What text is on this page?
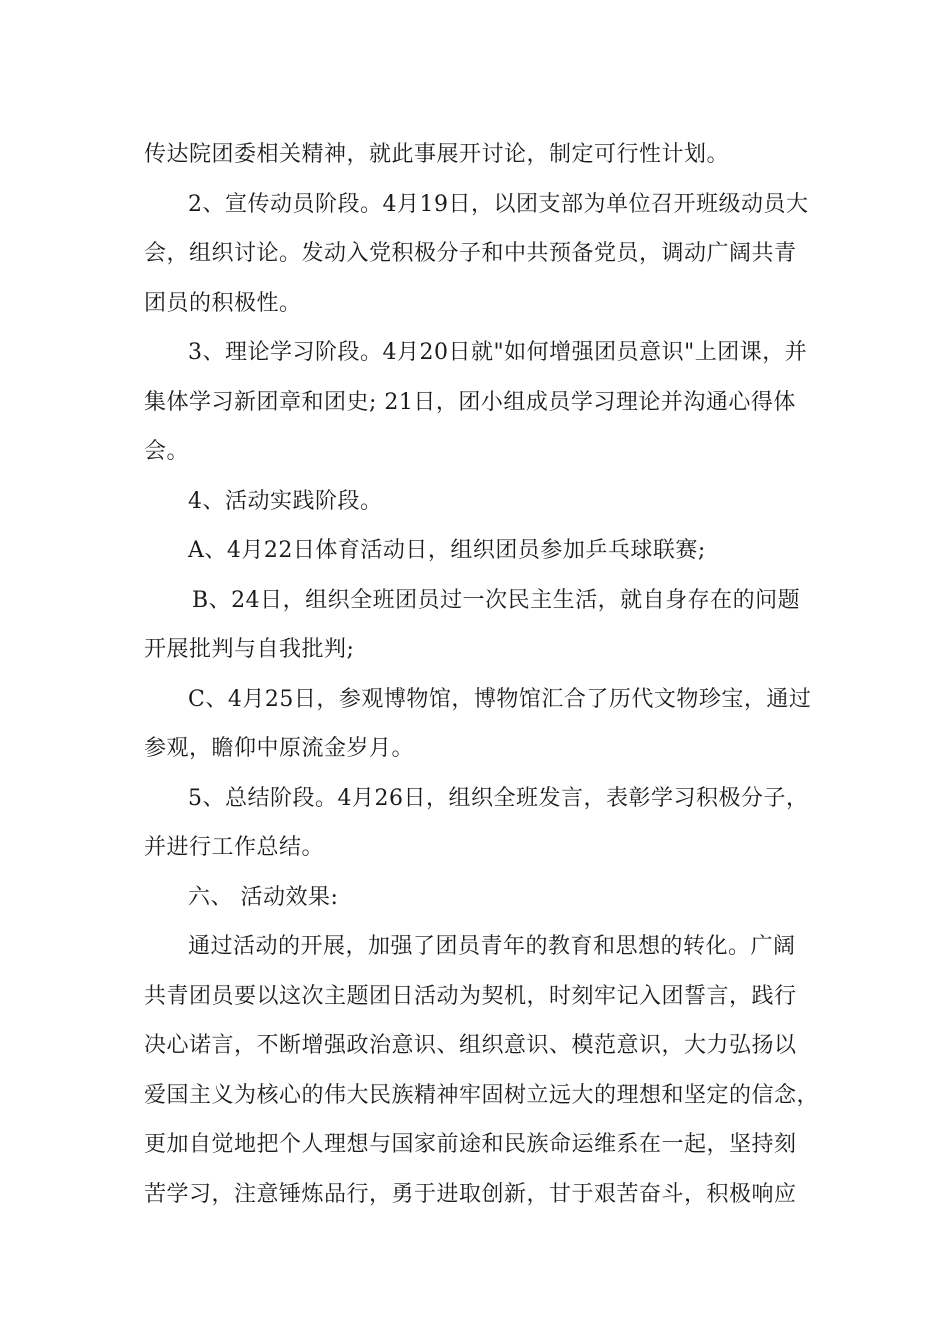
传达院团委相关精神，就此事展开讨论，制定可行性计划。
2、宣传动员阶段。4月19日，以团支部为单位召开班级动员大
会，组织讨论。发动入党积极分子和中共预备党员，调动广阔共青
团员的积极性。
3、理论学习阶段。4月20日就"如何增强团员意识"上团课，并
集体学习新团章和团史; 21日，团小组成员学习理论并沟通心得体
会。
4、活动实践阶段。
A、4月22日体育活动日，组织团员参加乒乓球联赛;
B、24日，组织全班团员过一次民主生活，就自身存在的问题
开展批判与自我批判;
C、4月25日，参观博物馆，博物馆汇合了历代文物珍宝，通过
参观，瞻仰中原流金岁月。
5、总结阶段。4月26日，组织全班发言，表彰学习积极分子，
并进行工作总结。
六、 活动效果:
通过活动的开展，加强了团员青年的教育和思想的转化。广阔
共青团员要以这次主题团日活动为契机，时刻牢记入团誓言，践行
决心诺言，不断增强政治意识、组织意识、模范意识，大力弘扬以
爱国主义为核心的伟大民族精神牢固树立远大的理想和坚定的信念，
更加自觉地把个人理想与国家前途和民族命运维系在一起，坚持刻
苦学习，注意锤炼品行，勇于进取创新，甘于艰苦奋斗，积极响应
